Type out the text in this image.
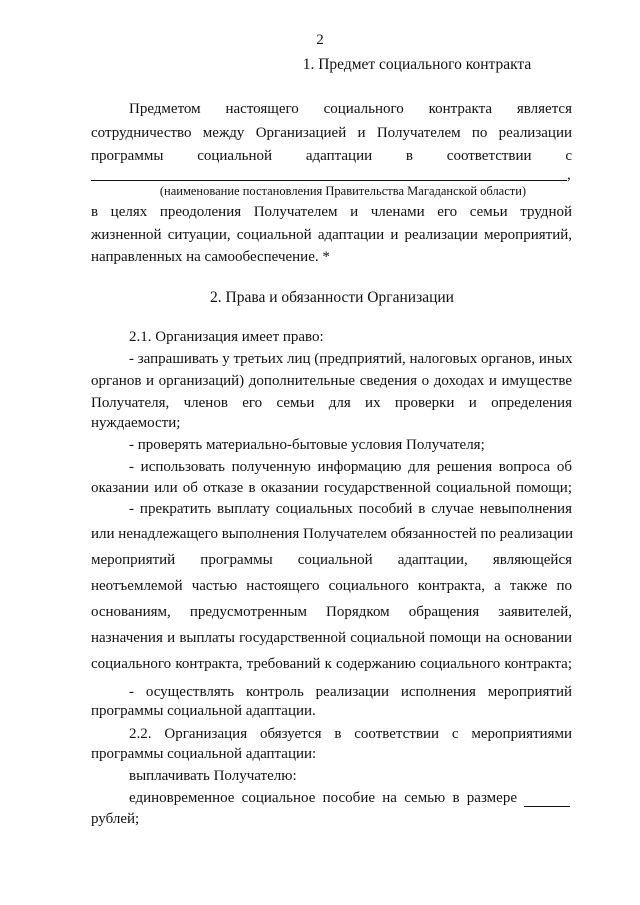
2
1. Предмет социального контракта
Предметом настоящего социального контракта является
сотрудничество между Организацией и Получателем по реализации
программы социальной адаптации в соответствии с
,
(наименование постановления Правительства Магаданской области)
в целях преодоления Получателем и членами его семьи трудной
жизненной ситуации, социальной адаптации и реализации мероприятий,
направленных на самообеспечение. *
2. Права и обязанности Организации
2.1. Организация имеет право:
- запрашивать у третьих лиц (предприятий, налоговых органов, иных
органов и организаций) дополнительные сведения о доходах и имуществе
Получателя, членов его семьи для их проверки и определения
нуждаемости;
- проверять материально-бытовые условия Получателя;
- использовать полученную информацию для решения вопроса об
оказании или об отказе в оказании государственной социальной помощи;
- прекратить выплату социальных пособий в случае невыполнения
или ненадлежащего выполнения Получателем обязанностей по реализации
мероприятий программы социальной адаптации, являющейся
неотъемлемой частью настоящего социального контракта, а также по
основаниям, предусмотренным Порядком обращения заявителей,
назначения и выплаты государственной социальной помощи на основании
социального контракта, требований к содержанию социального контракта;
- осуществлять контроль реализации исполнения мероприятий
программы социальной адаптации.
2.2. Организация обязуется в соответствии с мероприятиями
программы социальной адаптации:
выплачивать Получателю:
единовременное социальное пособие на семью в размере
рублей;
